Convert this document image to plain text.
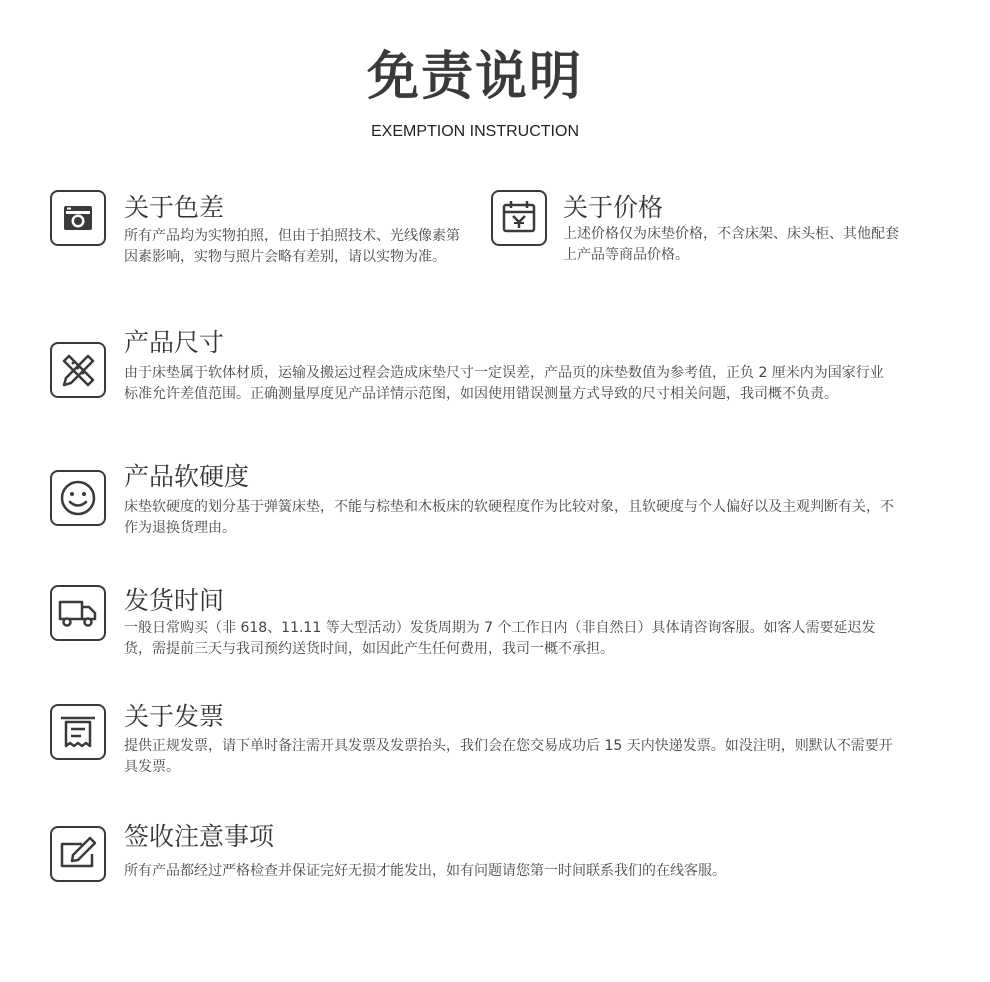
免责说明
EXEMPTION INSTRUCTION
关于色差
所有产品均为实物拍照，但由于拍照技术、光线像素第因素影响，实物与照片会略有差别，请以实物为准。
关于价格
上述价格仅为床垫价格，不含床架、床头柜、其他配套上产品等商品价格。
产品尺寸
由于床垫属于软体材质，运输及搬运过程会造成床垫尺寸一定误差，产品页的床垫数值为参考值，正负 2 厘米内为国家行业标准允许差值范围。正确测量厚度见产品详情示范图，如因使用错误测量方式导致的尺寸相关问题，我司概不负责。
产品软硬度
床垫软硬度的划分基于弹簧床垫，不能与棕垫和木板床的软硬程度作为比较对象，且软硬度与个人偏好以及主观判断有关，不作为退换货理由。
发货时间
一般日常购买（非 618、11.11 等大型活动）发货周期为 7 个工作日内（非自然日）具体请咨询客服。如客人需要延迟发货，需提前三天与我司预约送货时间，如因此产生任何费用，我司一概不承担。
关于发票
提供正规发票，请下单时备注需开具发票及发票抬头，我们会在您交易成功后 15 天内快递发票。如没注明，则默认不需要开具发票。
签收注意事项
所有产品都经过严格检查并保证完好无损才能发出，如有问题请您第一时间联系我们的在线客服。
